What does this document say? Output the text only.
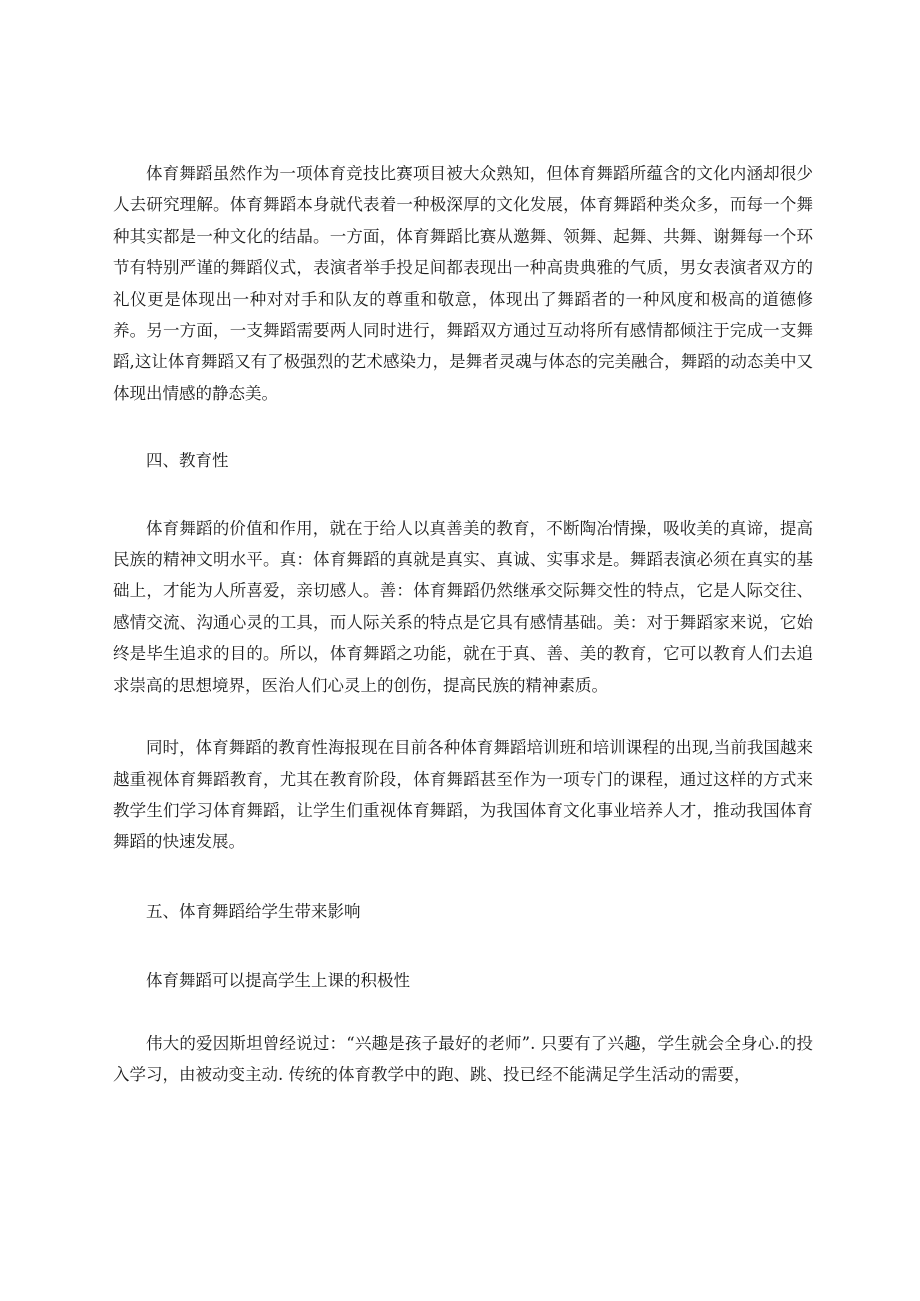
体育舞蹈虽然作为一项体育竞技比赛项目被大众熟知，但体育舞蹈所蕴含的文化内涵却很少人去研究理解。体育舞蹈本身就代表着一种极深厚的文化发展，体育舞蹈种类众多，而每一个舞种其实都是一种文化的结晶。一方面，体育舞蹈比赛从邀舞、领舞、起舞、共舞、谢舞每一个环节有特别严谨的舞蹈仪式，表演者举手投足间都表现出一种高贵典雅的气质，男女表演者双方的礼仪更是体现出一种对对手和队友的尊重和敬意，体现出了舞蹈者的一种风度和极高的道德修养。另一方面，一支舞蹈需要两人同时进行，舞蹈双方通过互动将所有感情都倾注于完成一支舞蹈,这让体育舞蹈又有了极强烈的艺术感染力，是舞者灵魂与体态的完美融合，舞蹈的动态美中又体现出情感的静态美。

四、教育性

体育舞蹈的价值和作用，就在于给人以真善美的教育，不断陶冶情操，吸收美的真谛，提高民族的精神文明水平。真：体育舞蹈的真就是真实、真诚、实事求是。舞蹈表演必须在真实的基础上，才能为人所喜爱，亲切感人。善：体育舞蹈仍然继承交际舞交性的特点，它是人际交往、感情交流、沟通心灵的工具，而人际关系的特点是它具有感情基础。美：对于舞蹈家来说，它始终是毕生追求的目的。所以，体育舞蹈之功能，就在于真、善、美的教育，它可以教育人们去追求崇高的思想境界，医治人们心灵上的创伤，提高民族的精神素质。

同时，体育舞蹈的教育性海报现在目前各种体育舞蹈培训班和培训课程的出现,当前我国越来越重视体育舞蹈教育，尤其在教育阶段，体育舞蹈甚至作为一项专门的课程，通过这样的方式来教学生们学习体育舞蹈，让学生们重视体育舞蹈，为我国体育文化事业培养人才，推动我国体育舞蹈的快速发展。

五、体育舞蹈给学生带来影响

体育舞蹈可以提高学生上课的积极性

伟大的爱因斯坦曾经说过：“兴趣是孩子最好的老师”. 只要有了兴趣，学生就会全身心.的投入学习，由被动变主动. 传统的体育教学中的跑、跳、投已经不能满足学生活动的需要，
